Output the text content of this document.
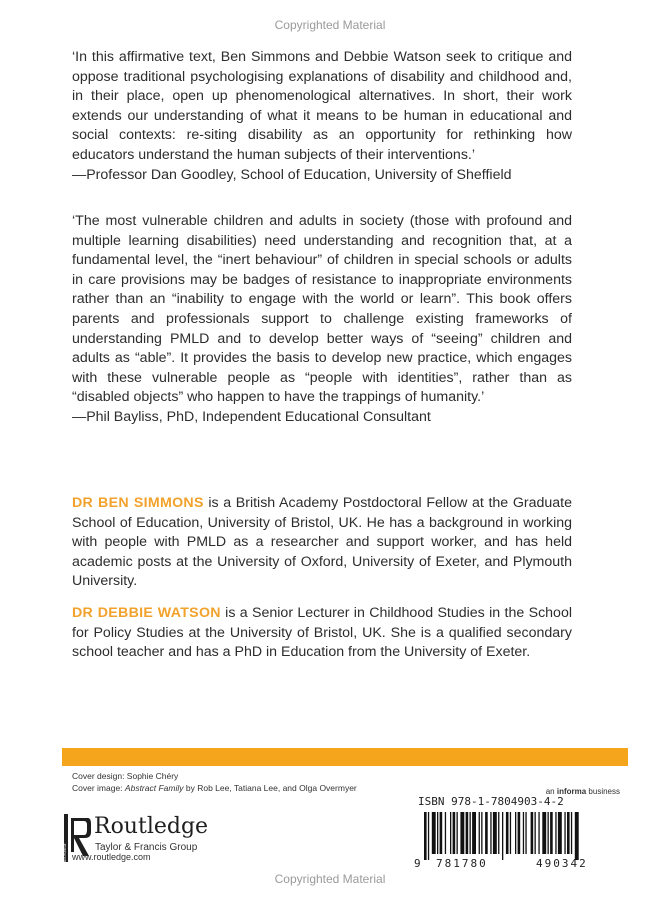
Copyrighted Material

‘In this affirmative text, Ben Simmons and Debbie Watson seek to critique and oppose traditional psychologising explanations of disability and childhood and, in their place, open up phenomenological alternatives. In short, their work extends our understanding of what it means to be human in educational and social contexts: re-siting disability as an opportunity for rethinking how educators understand the human subjects of their interventions.’

—Professor Dan Goodley, School of Education, University of Sheffield

‘The most vulnerable children and adults in society (those with profound and multiple learning disabilities) need understanding and recognition that, at a fundamental level, the “inert behaviour” of children in special schools or adults in care provisions may be badges of resistance to inappropriate environments rather than an “inability to engage with the world or learn”. This book offers parents and professionals support to challenge existing frameworks of understanding PMLD and to develop better ways of “seeing” children and adults as “able”. It provides the basis to develop new practice, which engages with these vulnerable people as “people with identities”, rather than as “disabled objects” who happen to have the trappings of humanity.’

—Phil Bayliss, PhD, Independent Educational Consultant
DR BEN SIMMONS is a British Academy Postdoctoral Fellow at the Graduate School of Education, University of Bristol, UK. He has a background in working with people with PMLD as a researcher and support worker, and has held academic posts at the University of Oxford, University of Exeter, and Plymouth University.
DR DEBBIE WATSON is a Senior Lecturer in Childhood Studies in the School for Policy Studies at the University of Bristol, UK. She is a qualified secondary school teacher and has a PhD in Education from the University of Exeter.
Cover design: Sophie Chéry
Cover image: Abstract Family by Rob Lee, Tatiana Lee, and Olga Overmyer	an informa business
ROUTLEDGE
Routledge
Taylor & Francis Group
www.routledge.com
ISBN 978-1-7804903-4-2
9 781780	490342
Copyrighted Material
